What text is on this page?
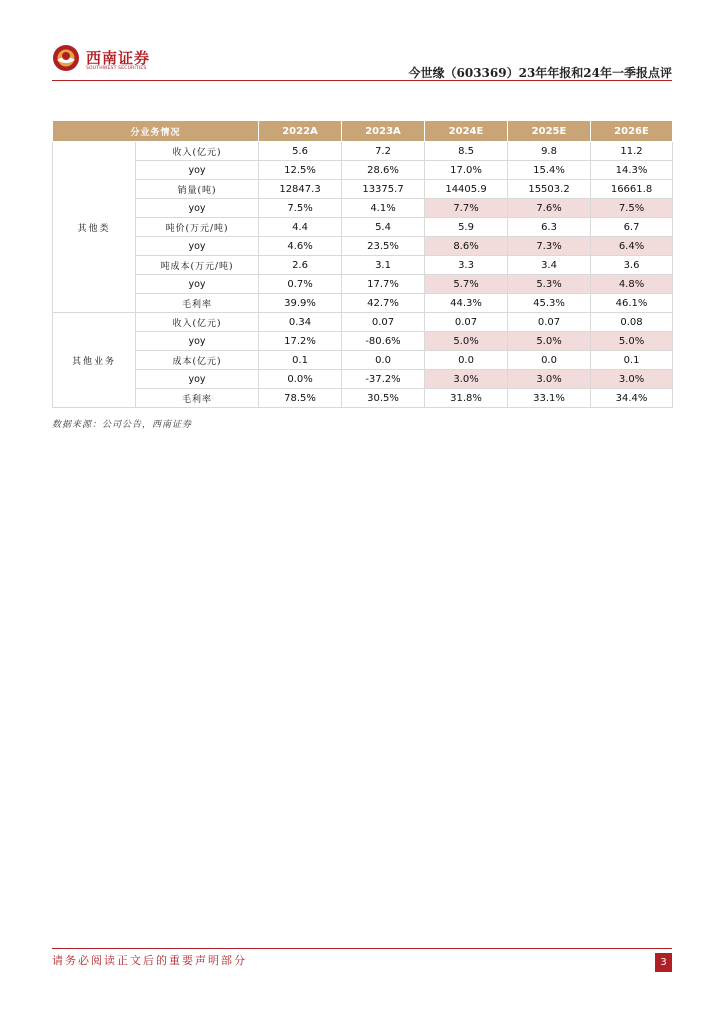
西南证券
SOUTHWEST SECURITIES	今世缘（603369）23年年报和24年一季报点评
分业务情况		2022A	2023A	2024E	2025E	2026E
其他类	收入(亿元)	5.6	7.2	8.5	9.8	11.2
	yoy	12.5%	28.6%	17.0%	15.4%	14.3%
	销量(吨)	12847.3	13375.7	14405.9	15503.2	16661.8
	yoy	7.5%	4.1%	7.7%	7.6%	7.5%
	吨价(万元/吨)	4.4	5.4	5.9	6.3	6.7
	yoy	4.6%	23.5%	8.6%	7.3%	6.4%
	吨成本(万元/吨)	2.6	3.1	3.3	3.4	3.6
	yoy	0.7%	17.7%	5.7%	5.3%	4.8%
	毛利率	39.9%	42.7%	44.3%	45.3%	46.1%
其他业务	收入(亿元)	0.34	0.07	0.07	0.07	0.08
	yoy	17.2%	-80.6%	5.0%	5.0%	5.0%
	成本(亿元)	0.1	0.0	0.0	0.0	0.1
	yoy	0.0%	-37.2%	3.0%	3.0%	3.0%
	毛利率	78.5%	30.5%	31.8%	33.1%	34.4%
数据来源：公司公告，西南证券
请务必阅读正文后的重要声明部分	3
